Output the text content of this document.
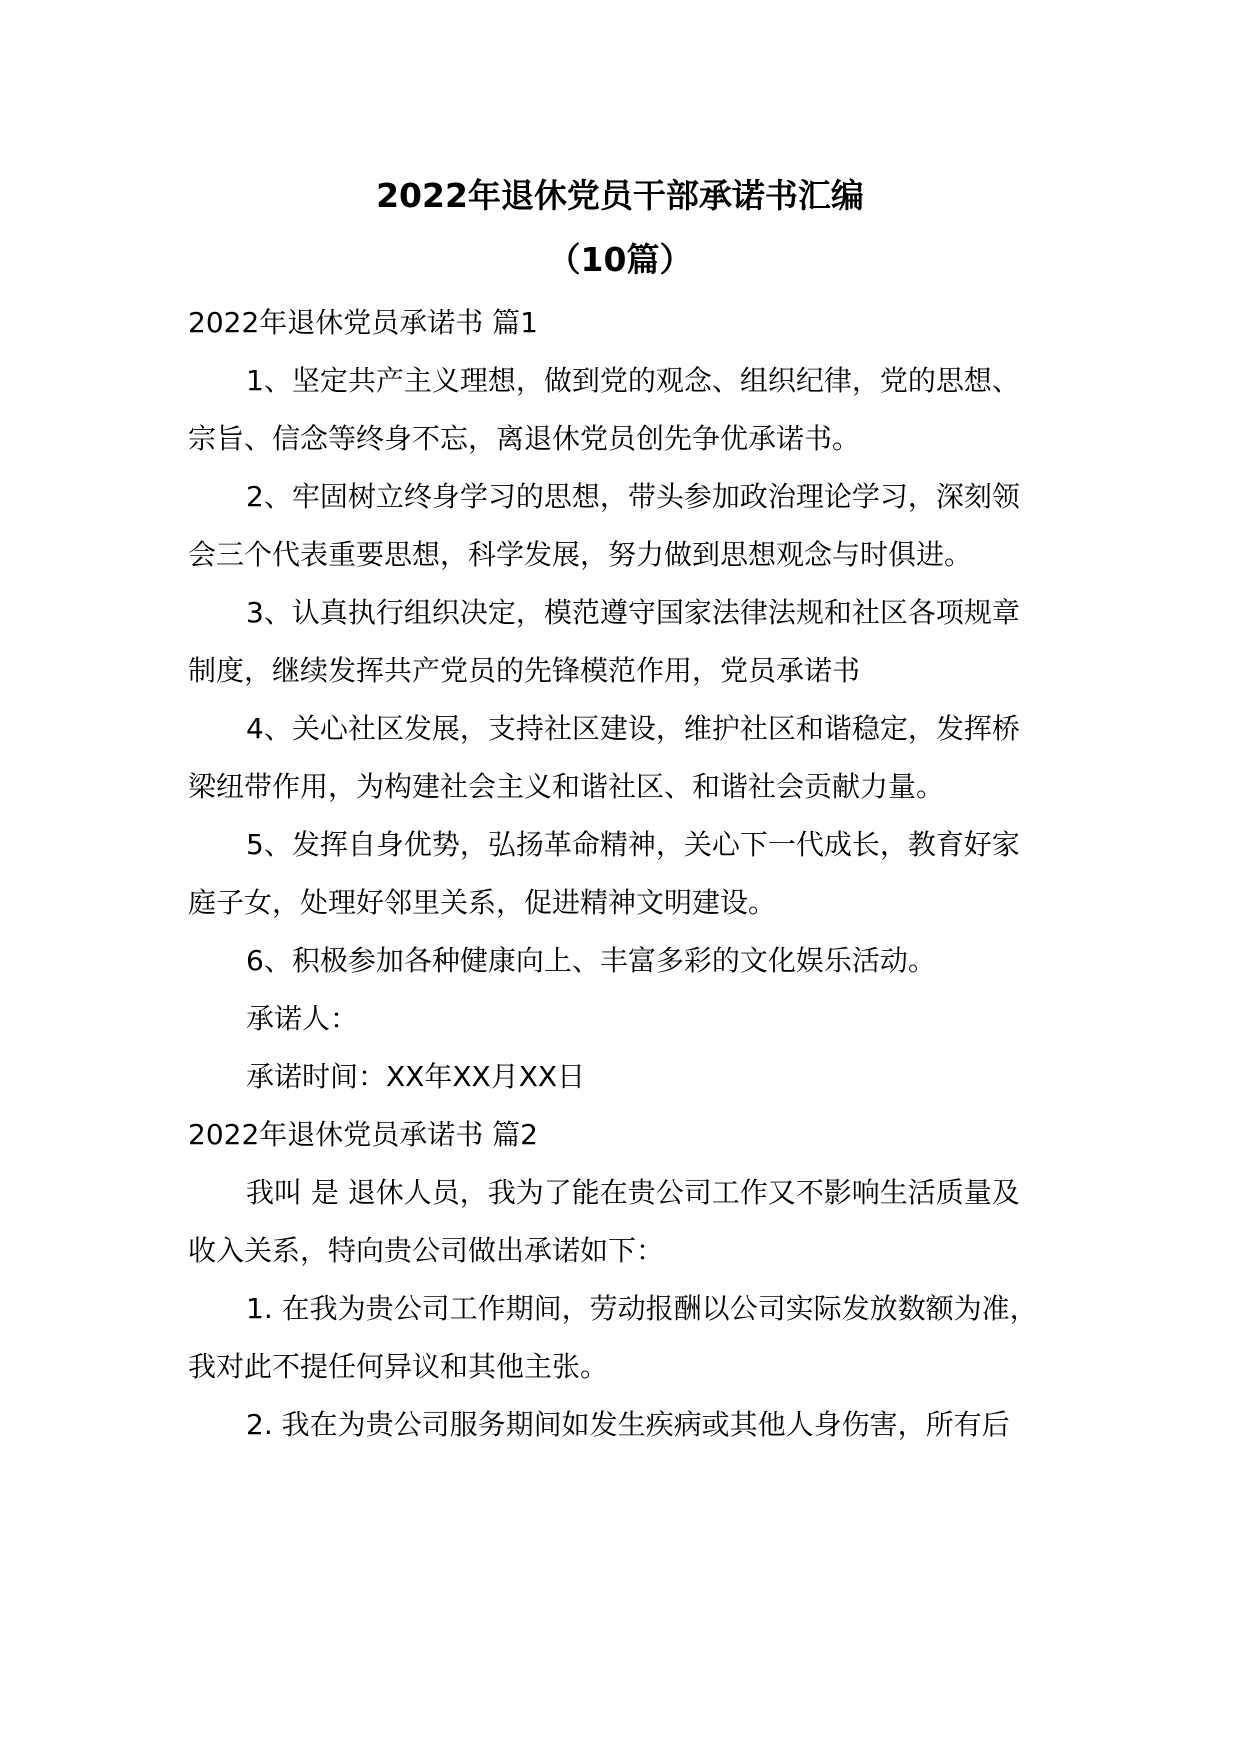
2022年退休党员干部承诺书汇编
（10篇）
2022年退休党员承诺书 篇1
1、坚定共产主义理想，做到党的观念、组织纪律，党的思想、
宗旨、信念等终身不忘，离退休党员创先争优承诺书。
2、牢固树立终身学习的思想，带头参加政治理论学习，深刻领
会三个代表重要思想，科学发展，努力做到思想观念与时俱进。
3、认真执行组织决定，模范遵守国家法律法规和社区各项规章
制度，继续发挥共产党员的先锋模范作用，党员承诺书
4、关心社区发展，支持社区建设，维护社区和谐稳定，发挥桥
梁纽带作用，为构建社会主义和谐社区、和谐社会贡献力量。
5、发挥自身优势，弘扬革命精神，关心下一代成长，教育好家
庭子女，处理好邻里关系，促进精神文明建设。
6、积极参加各种健康向上、丰富多彩的文化娱乐活动。
承诺人：
承诺时间：XX年XX月XX日
2022年退休党员承诺书 篇2
我叫 是 退休人员，我为了能在贵公司工作又不影响生活质量及
收入关系，特向贵公司做出承诺如下：
1. 在我为贵公司工作期间，劳动报酬以公司实际发放数额为准，
我对此不提任何异议和其他主张。
2. 我在为贵公司服务期间如发生疾病或其他人身伤害，所有后
